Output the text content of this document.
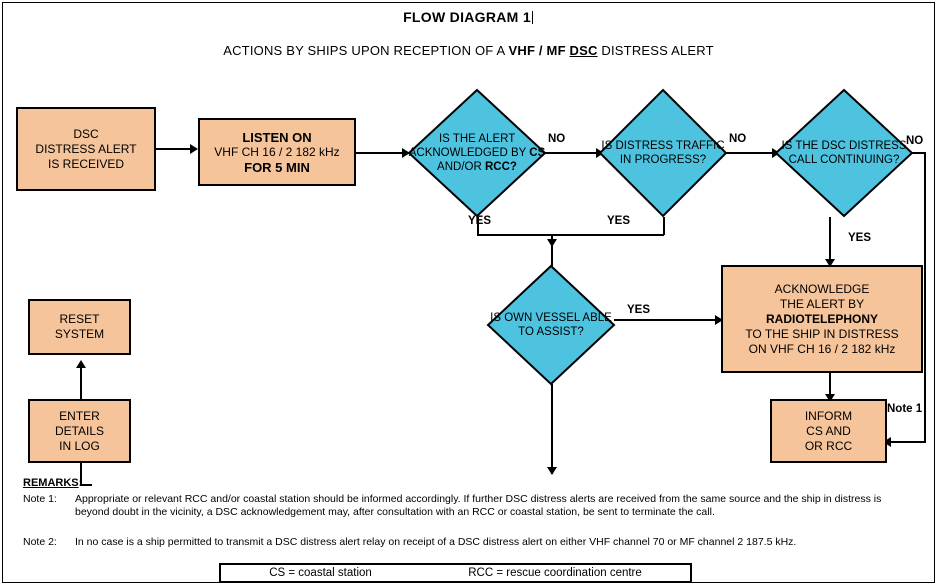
FLOW DIAGRAM 1
ACTIONS BY SHIPS UPON RECEPTION OF A VHF / MF DSC DISTRESS ALERT
DSC
DISTRESS ALERT
IS RECEIVED
LISTEN ON
VHF CH 16 / 2 182 kHz
FOR 5 MIN
IS THE ALERT ACKNOWLEDGED BY CS AND/OR RCC?
NO
IS DISTRESS TRAFFIC IN PROGRESS?
NO
IS THE DSC DISTRESS CALL CONTINUING?
NO
YES	YES
YES
IS OWN VESSEL ABLE TO ASSIST?
YES
ACKNOWLEDGE
THE ALERT BY
RADIOTELEPHONY
TO THE SHIP IN DISTRESS
ON VHF CH 16 / 2 182 kHz
INFORM
CS AND
OR RCC
Note 1
RESET
SYSTEM
ENTER
DETAILS
IN LOG
REMARKS:
Note 1: Appropriate or relevant RCC and/or coastal station should be informed accordingly. If further DSC distress alerts are received from the same source and the ship in distress is beyond doubt in the vicinity, a DSC acknowledgement may, after consultation with an RCC or coastal station, be sent to terminate the call.
Note 2: In no case is a ship permitted to transmit a DSC distress alert relay on receipt of a DSC distress alert on either VHF channel 70 or MF channel 2 187.5 kHz.
CS = coastal station	RCC = rescue coordination centre
